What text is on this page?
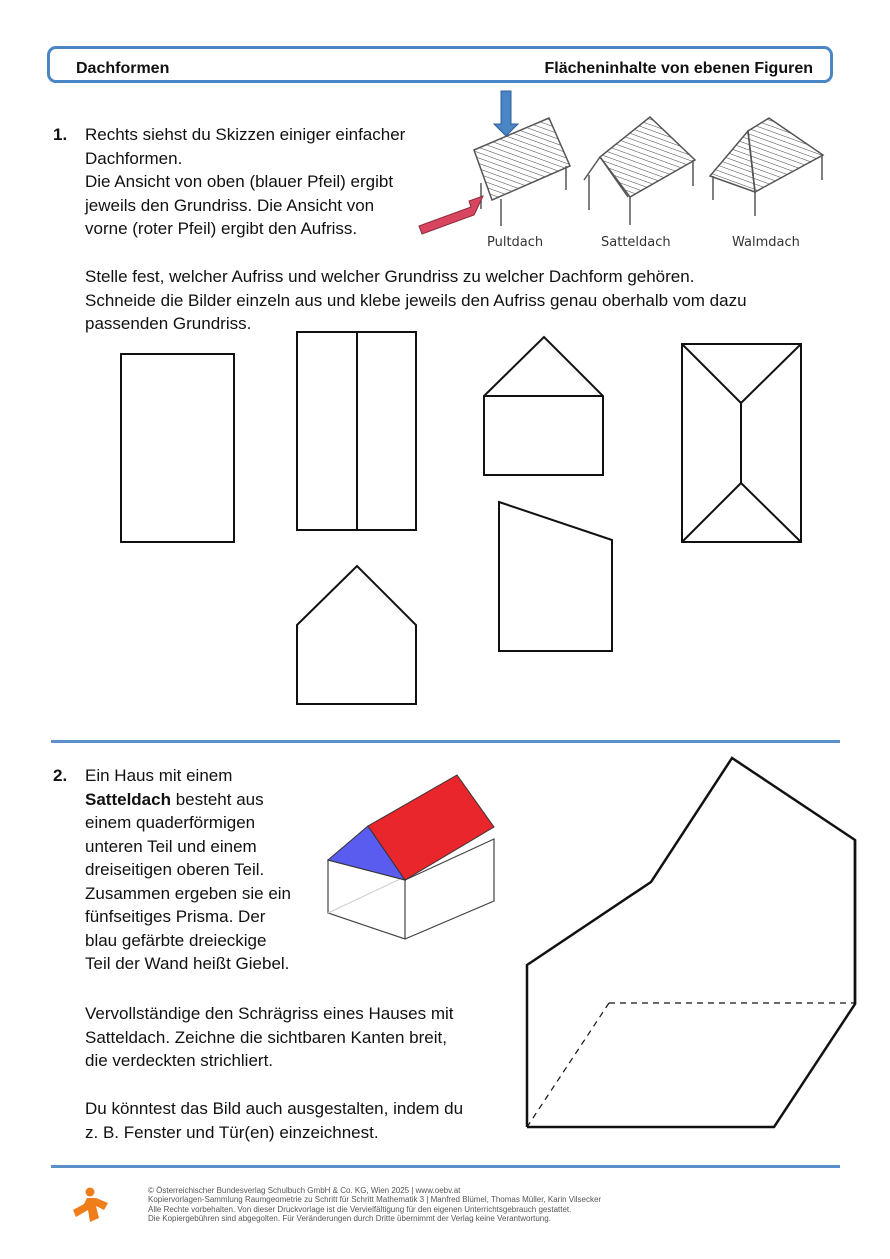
Dachformen	Flächeninhalte von ebenen Figuren
1. Rechts siehst du Skizzen einiger einfacher
Dachformen.
Die Ansicht von oben (blauer Pfeil) ergibt
jeweils den Grundriss. Die Ansicht von
vorne (roter Pfeil) ergibt den Aufriss.
Stelle fest, welcher Aufriss und welcher Grundriss zu welcher Dachform gehören.
Schneide die Bilder einzeln aus und klebe jeweils den Aufriss genau oberhalb vom dazu
passenden Grundriss.
Pultdach	Satteldach	Walmdach
2. Ein Haus mit einem
Satteldach besteht aus
einem quaderförmigen
unteren Teil und einem
dreiseitigen oberen Teil.
Zusammen ergeben sie ein
fünfseitiges Prisma. Der
blau gefärbte dreieckige
Teil der Wand heißt Giebel.
Vervollständige den Schrägriss eines Hauses mit
Satteldach. Zeichne die sichtbaren Kanten breit,
die verdeckten strichliert.
Du könntest das Bild auch ausgestalten, indem du
z. B. Fenster und Tür(en) einzeichnest.
© Österreichischer Bundesverlag Schulbuch GmbH & Co. KG, Wien 2025 | www.oebv.at
Kopiervorlagen-Sammlung Raumgeometrie zu Schritt für Schritt Mathematik 3 | Manfred Blümel, Thomas Müller, Karin Vilsecker
Alle Rechte vorbehalten. Von dieser Druckvorlage ist die Vervielfältigung für den eigenen Unterrichtsgebrauch gestattet.
Die Kopiergebühren sind abgegolten. Für Veränderungen durch Dritte übernimmt der Verlag keine Verantwortung.
